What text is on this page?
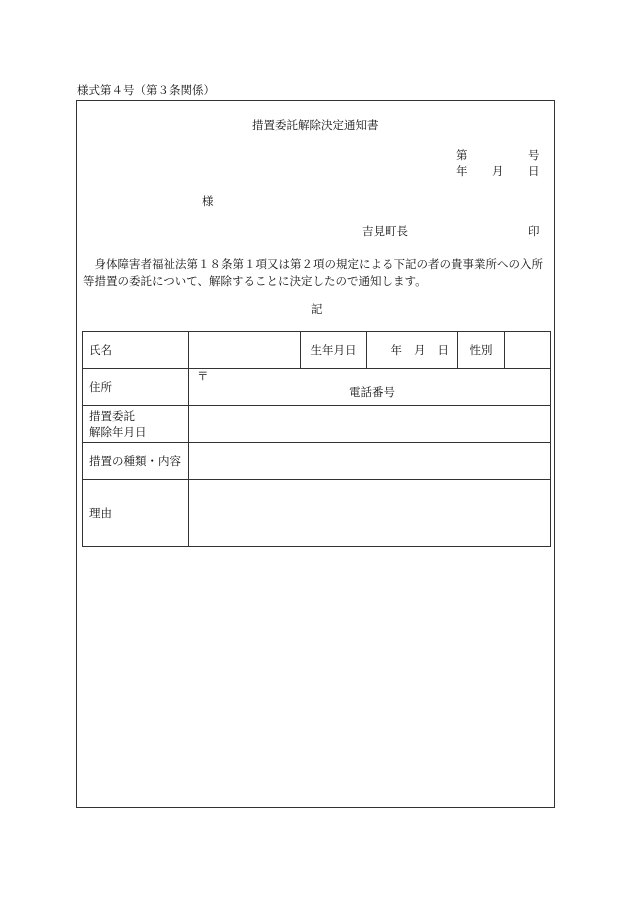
様式第４号（第３条関係）
措置委託解除決定通知書
第	号
年 月 日
様
吉見町長	印
　身体障害者福祉法第１８条第１項又は第２項の規定による下記の者の貴事業所への入所等措置の委託について、解除することに決定したので通知します。
記
氏名		生年月日	年 月 日	性別	
住所	〒
電話番号				

措置委託
解除年月日					
措置の種類・内容					
理由					
